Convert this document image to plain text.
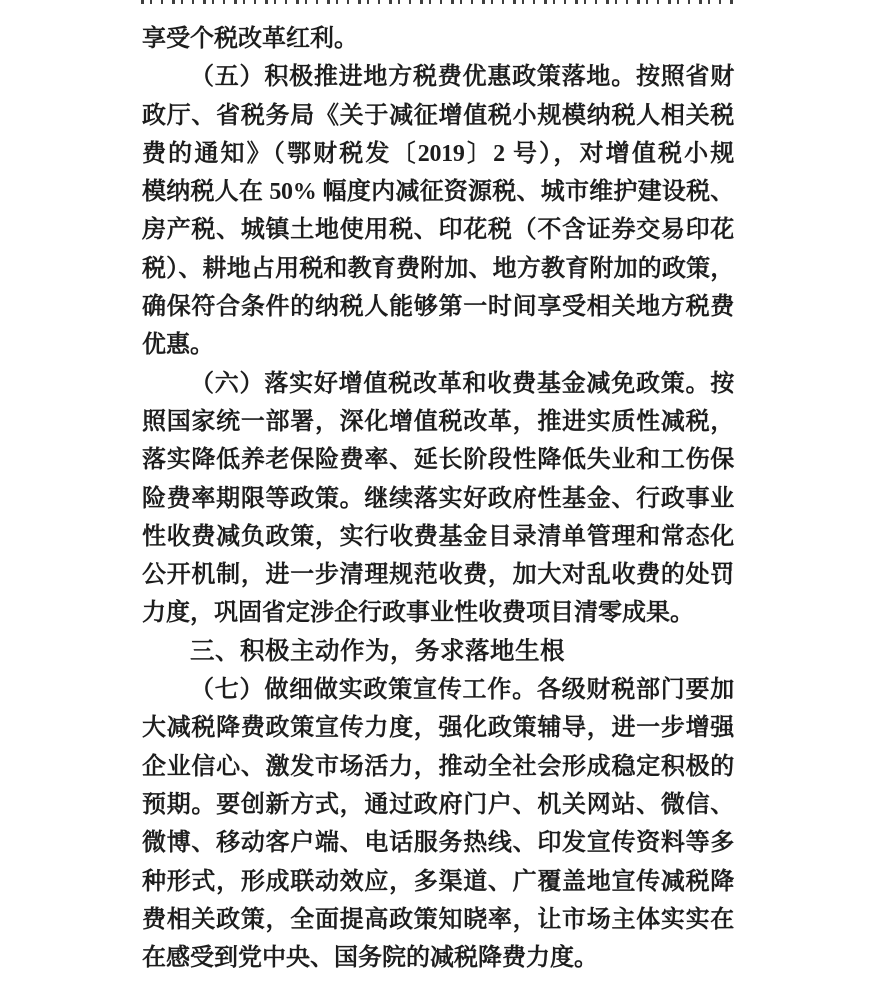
享受个税改革红利。
（五）积极推进地方税费优惠政策落地。按照省财
政厅、省税务局《关于减征增值税小规模纳税人相关税
费的通知》（鄂财税发〔2019〕2 号），对增值税小规
模纳税人在 50% 幅度内减征资源税、城市维护建设税、
房产税、城镇土地使用税、印花税（不含证券交易印花
税）、耕地占用税和教育费附加、地方教育附加的政策，
确保符合条件的纳税人能够第一时间享受相关地方税费
优惠。
（六）落实好增值税改革和收费基金减免政策。按
照国家统一部署，深化增值税改革，推进实质性减税，
落实降低养老保险费率、延长阶段性降低失业和工伤保
险费率期限等政策。继续落实好政府性基金、行政事业
性收费减负政策，实行收费基金目录清单管理和常态化
公开机制，进一步清理规范收费，加大对乱收费的处罚
力度，巩固省定涉企行政事业性收费项目清零成果。
三、积极主动作为，务求落地生根
（七）做细做实政策宣传工作。各级财税部门要加
大减税降费政策宣传力度，强化政策辅导，进一步增强
企业信心、激发市场活力，推动全社会形成稳定积极的
预期。要创新方式，通过政府门户、机关网站、微信、
微博、移动客户端、电话服务热线、印发宣传资料等多
种形式，形成联动效应，多渠道、广覆盖地宣传减税降
费相关政策，全面提高政策知晓率，让市场主体实实在
在感受到党中央、国务院的减税降费力度。
